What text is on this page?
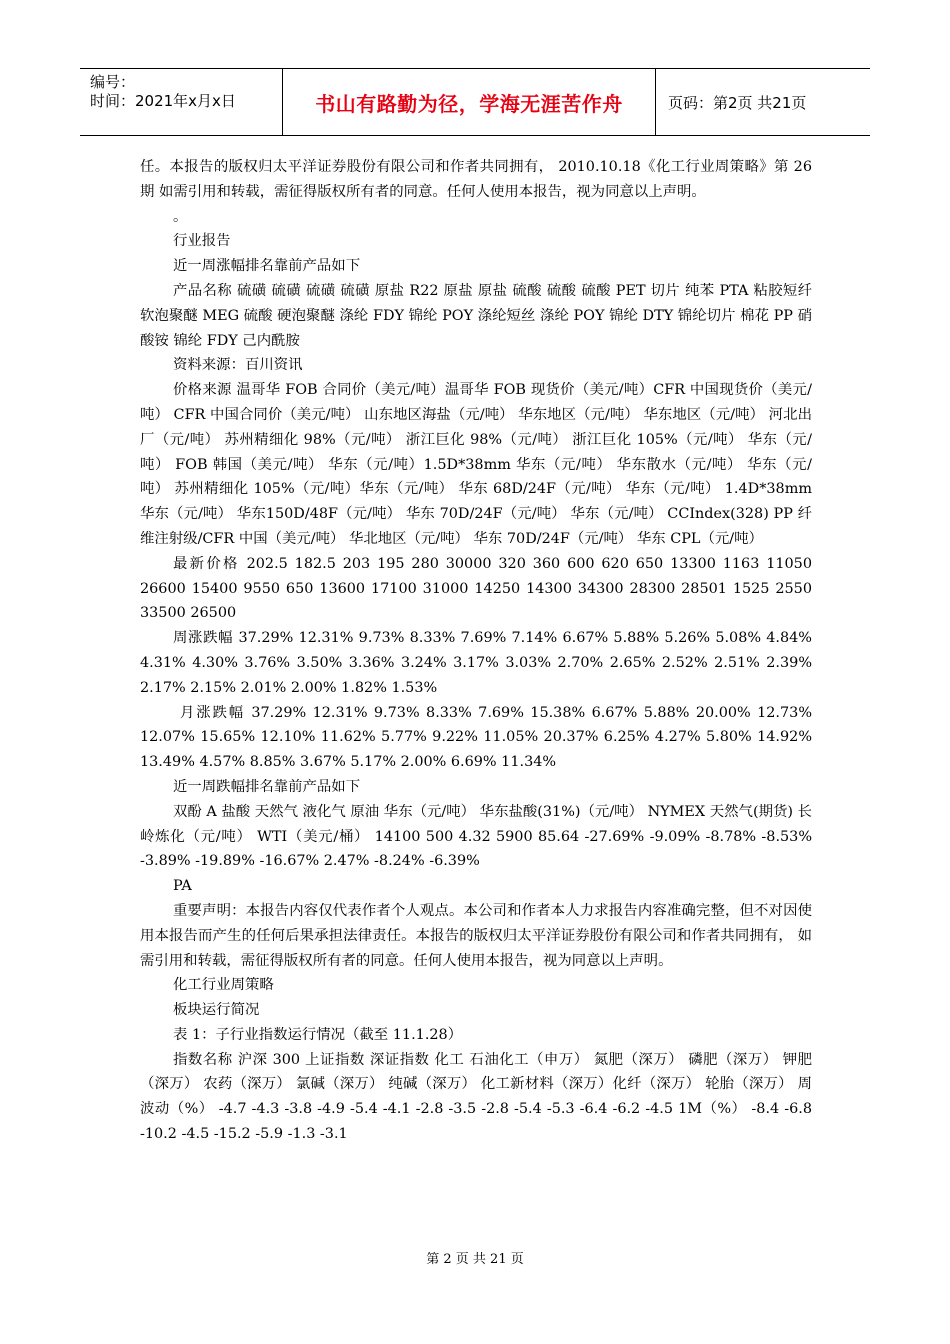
编号：
时间：2021年x月x日	书山有路勤为径，学海无涯苦作舟	页码：第2页 共21页

任。本报告的版权归太平洋证券股份有限公司和作者共同拥有， 2010.10.18《化工行业周策略》第 26 期 如需引用和转载，需征得版权所有者的同意。任何人使用本报告，视为同意以上声明。

。

行业报告

近一周涨幅排名靠前产品如下

产品名称 硫磺 硫磺 硫磺 硫磺 原盐 R22 原盐 原盐 硫酸 硫酸 硫酸 PET 切片 纯苯 PTA 粘胶短纤 软泡聚醚 MEG 硫酸 硬泡聚醚 涤纶 FDY 锦纶 POY 涤纶短丝 涤纶 POY 锦纶 DTY 锦纶切片 棉花 PP 硝酸铵 锦纶 FDY 己内酰胺

资料来源：百川资讯

价格来源 温哥华 FOB 合同价（美元/吨）温哥华 FOB 现货价（美元/吨）CFR 中国现货价（美元/吨） CFR 中国合同价（美元/吨） 山东地区海盐（元/吨） 华东地区（元/吨） 华东地区（元/吨） 河北出厂（元/吨） 苏州精细化 98%（元/吨） 浙江巨化 98%（元/吨） 浙江巨化 105%（元/吨） 华东（元/吨） FOB 韩国（美元/吨） 华东（元/吨）1.5D*38mm 华东（元/吨） 华东散水（元/吨） 华东（元/吨） 苏州精细化 105%（元/吨）华东（元/吨） 华东 68D/24F（元/吨） 华东（元/吨） 1.4D*38mm 华东（元/吨） 华东150D/48F（元/吨） 华东 70D/24F（元/吨） 华东（元/吨） CCIndex(328) PP 纤维注射级/CFR 中国（美元/吨） 华北地区（元/吨） 华东 70D/24F（元/吨） 华东 CPL（元/吨）

最新价格 202.5 182.5 203 195 280 30000 320 360 600 620 650 13300 1163 11050 26600 15400 9550 650 13600 17100 31000 14250 14300 34300 28300 28501 1525 2550 33500 26500

周涨跌幅 37.29% 12.31% 9.73% 8.33% 7.69% 7.14% 6.67% 5.88% 5.26% 5.08% 4.84% 4.31% 4.30% 3.76% 3.50% 3.36% 3.24% 3.17% 3.03% 2.70% 2.65% 2.52% 2.51% 2.39% 2.17% 2.15% 2.01% 2.00% 1.82% 1.53%

月涨跌幅 37.29% 12.31% 9.73% 8.33% 7.69% 15.38% 6.67% 5.88% 20.00% 12.73% 12.07% 15.65% 12.10% 11.62% 5.77% 9.22% 11.05% 20.37% 6.25% 4.27% 5.80% 14.92% 13.49% 4.57% 8.85% 3.67% 5.17% 2.00% 6.69% 11.34%

近一周跌幅排名靠前产品如下

双酚 A 盐酸 天然气 液化气 原油 华东（元/吨） 华东盐酸(31%)（元/吨） NYMEX 天然气(期货) 长岭炼化（元/吨） WTI（美元/桶） 14100 500 4.32 5900 85.64 -27.69% -9.09% -8.78% -8.53% -3.89% -19.89% -16.67% 2.47% -8.24% -6.39%

PA

重要声明：本报告内容仅代表作者个人观点。本公司和作者本人力求报告内容准确完整，但不对因使用本报告而产生的任何后果承担法律责任。本报告的版权归太平洋证券股份有限公司和作者共同拥有， 如需引用和转载，需征得版权所有者的同意。任何人使用本报告，视为同意以上声明。

化工行业周策略

板块运行简况

表 1：子行业指数运行情况（截至 11.1.28）

指数名称 沪深 300 上证指数 深证指数 化工 石油化工（申万） 氮肥（深万） 磷肥（深万） 钾肥（深万） 农药（深万） 氯碱（深万） 纯碱（深万） 化工新材料（深万）化纤（深万） 轮胎（深万） 周波动（%） -4.7 -4.3 -3.8 -4.9 -5.4 -4.1 -2.8 -3.5 -2.8 -5.4 -5.3 -6.4 -6.2 -4.5 1M（%） -8.4 -6.8 -10.2 -4.5 -15.2 -5.9 -1.3 -3.1

第 2 页 共 21 页
